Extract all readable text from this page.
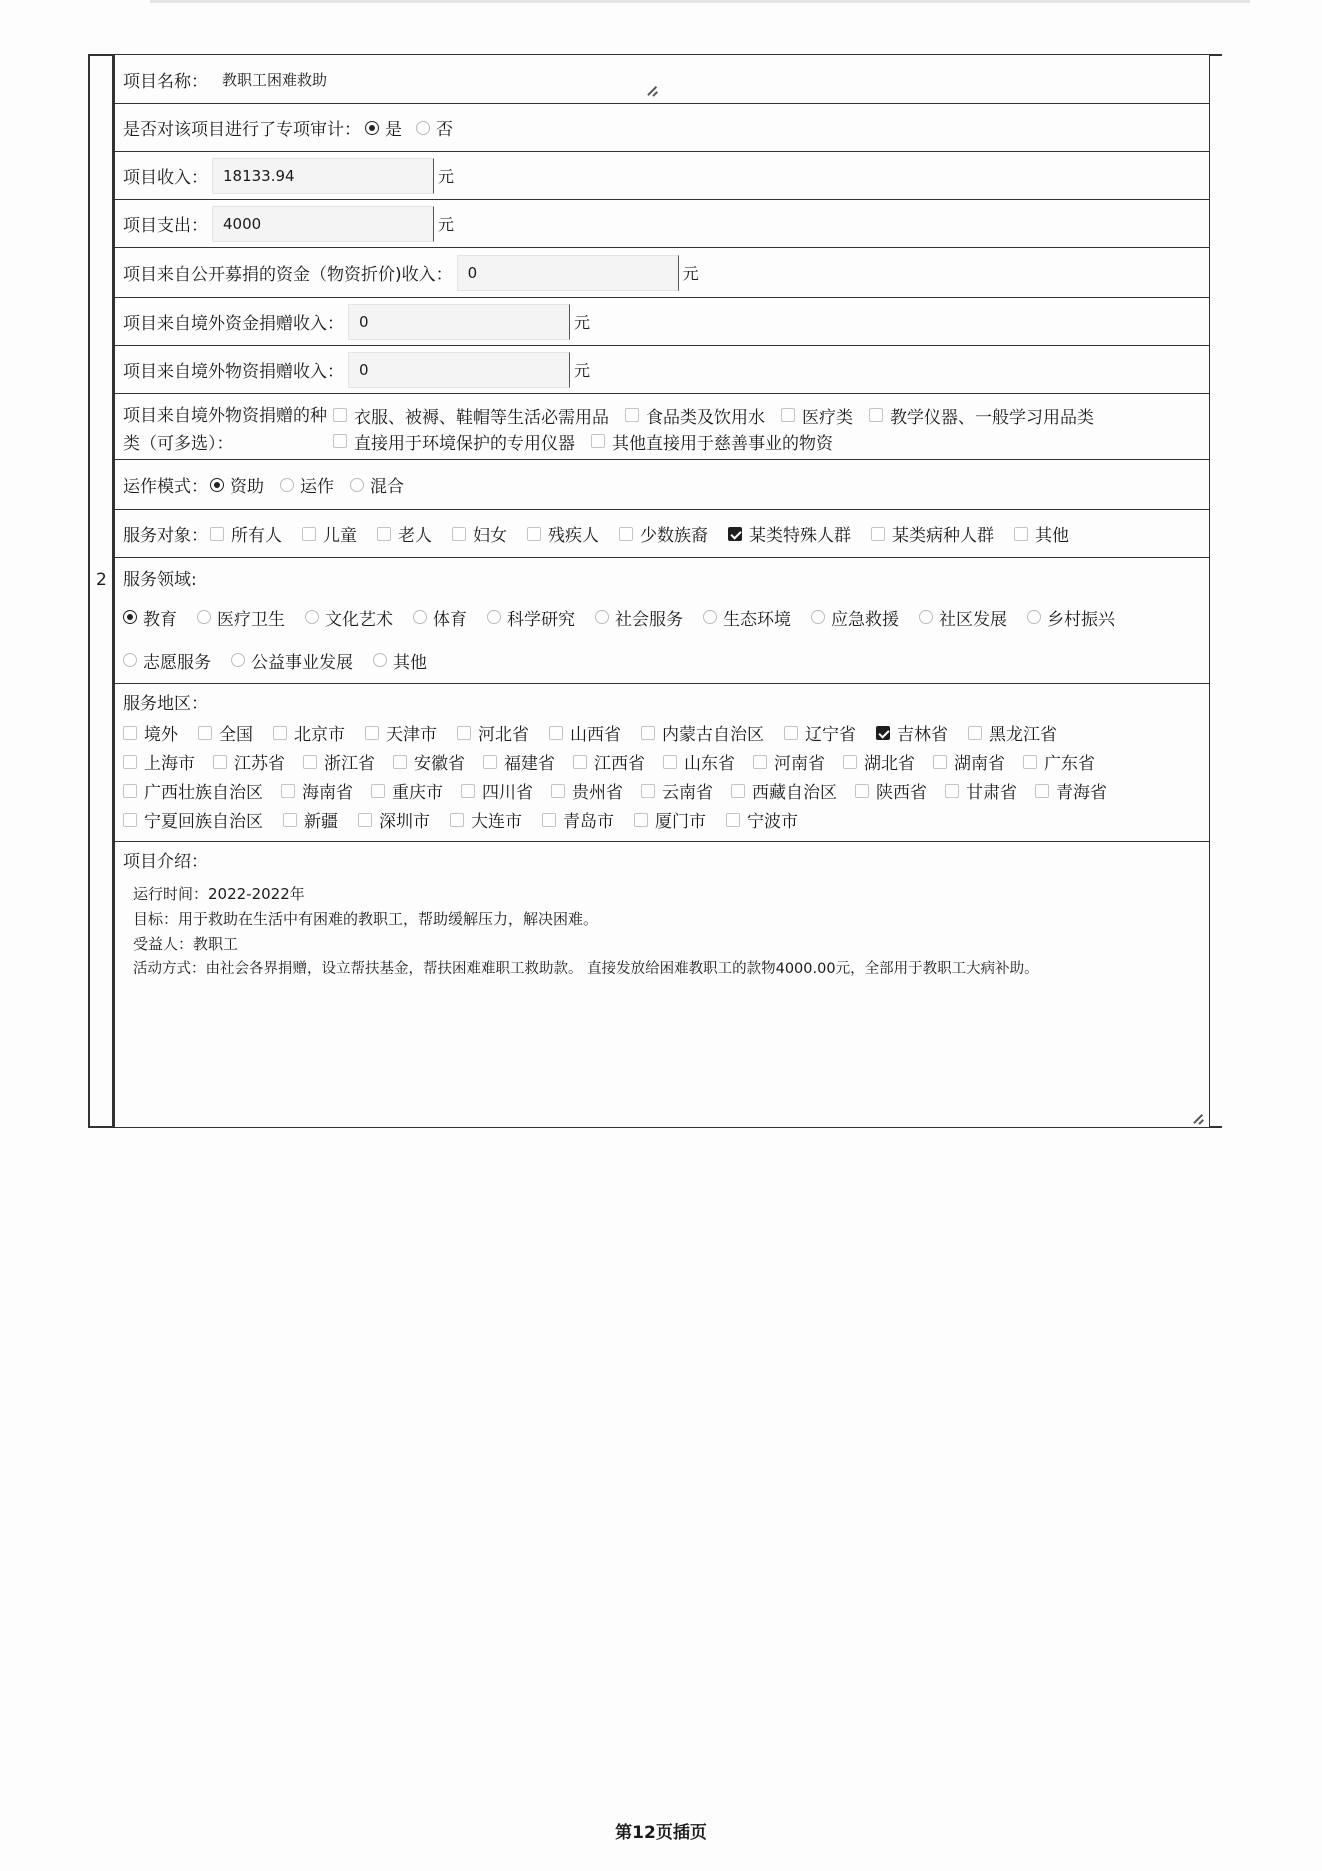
2
项目名称： 教职工困难救助
是否对该项目进行了专项审计： 是 否
项目收入：	18133.94	元
项目支出：	4000	元
项目来自公开募捐的资金（物资折价)收入：	0	元
项目来自境外资金捐赠收入：	0	元
项目来自境外物资捐赠收入：	0	元
项目来自境外物资捐赠的种
类（可多选）：
衣服、被褥、鞋帽等生活必需用品 食品类及饮用水 医疗类 教学仪器、一般学习用品类
直接用于环境保护的专用仪器 其他直接用于慈善事业的物资
运作模式： 资助 运作 混合
服务对象： 所有人 儿童 老人 妇女 残疾人 少数族裔 某类特殊人群 某类病种人群 其他
服务领域:
教育 医疗卫生 文化艺术 体育 科学研究 社会服务 生态环境 应急救援 社区发展 乡村振兴
志愿服务 公益事业发展 其他
服务地区：
境外 全国 北京市 天津市 河北省 山西省 内蒙古自治区 辽宁省 吉林省 黑龙江省
上海市 江苏省 浙江省 安徽省 福建省 江西省 山东省 河南省 湖北省 湖南省 广东省
广西壮族自治区 海南省 重庆市 四川省 贵州省 云南省 西藏自治区 陕西省 甘肃省 青海省
宁夏回族自治区 新疆 深圳市 大连市 青岛市 厦门市 宁波市
项目介绍：
运行时间：2022-2022年
目标：用于救助在生活中有困难的教职工，帮助缓解压力，解决困难。
受益人：教职工
活动方式：由社会各界捐赠，设立帮扶基金，帮扶困难难职工救助款。 直接发放给困难教职工的款物4000.00元，全部用于教职工大病补助。
第12页插页
